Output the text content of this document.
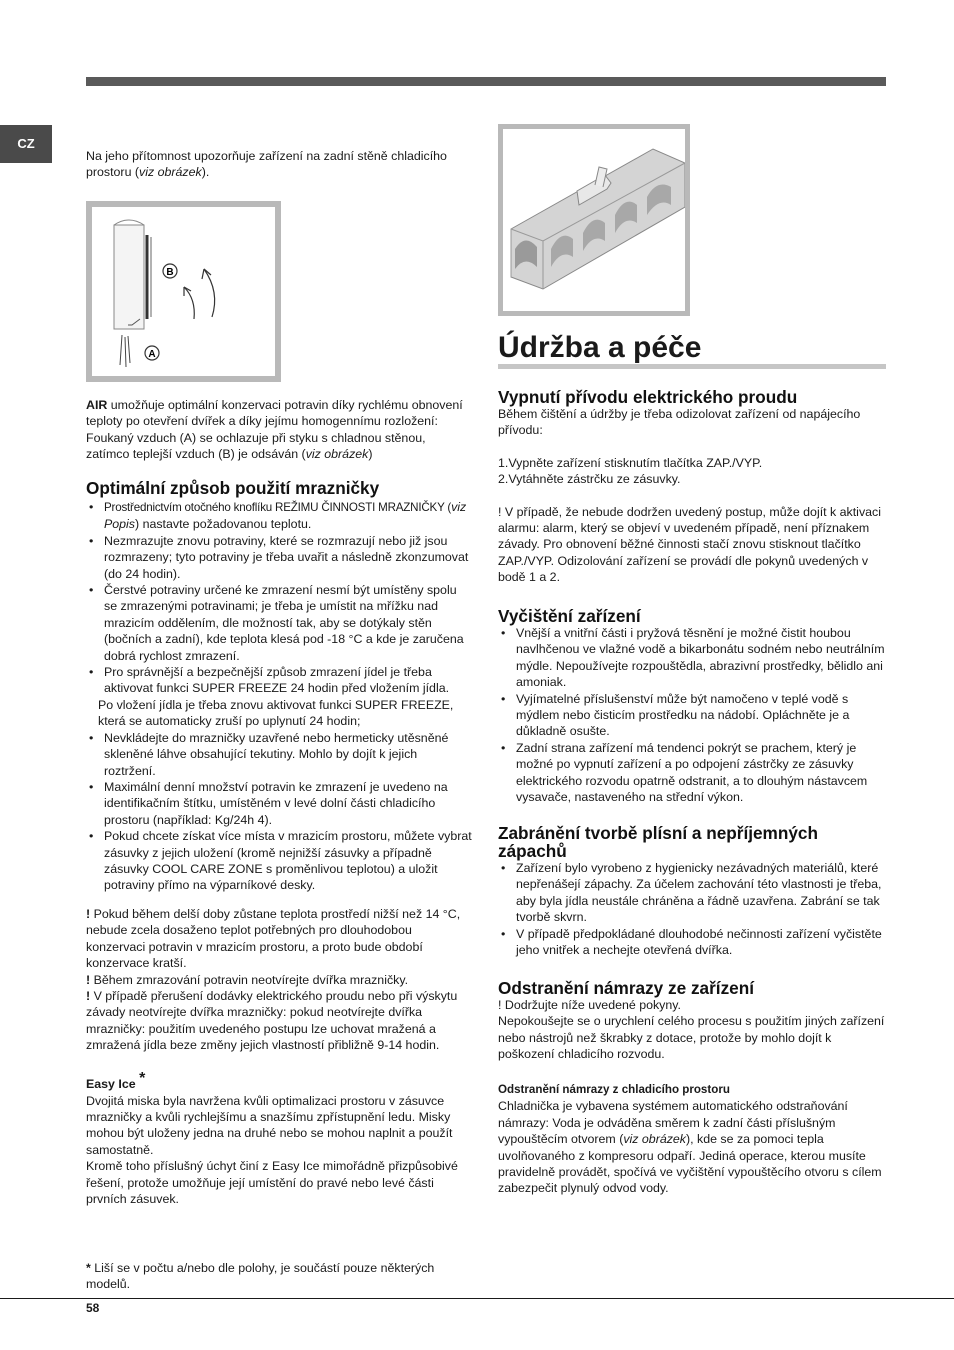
CZ

Na jeho přítomnost upozorňuje zařízení na zadní stěně chladicího prostoru (viz obrázek).

B
A

AIR umožňuje optimální konzervaci potravin díky rychlému obnovení teploty po otevření dvířek a díky jejímu homogennímu rozložení: Foukaný vzduch (A) se ochlazuje při styku s chladnou stěnou, zatímco teplejší vzduch (B) je odsáván (viz obrázek)

Optimální způsob použití mrazničky
• Prostřednictvím otočného knoflíku REŽIMU ČINNOSTI MRAZNIČKY (viz Popis) nastavte požadovanou teplotu.
• Nezmrazujte znovu potraviny, které se rozmrazují nebo již jsou rozmrazeny; tyto potraviny je třeba uvařit a následně zkonzumovat (do 24 hodin).
• Čerstvé potraviny určené ke zmrazení nesmí být umístěny spolu se zmrazenými potravinami; je třeba je umístit na mřížku nad mrazicím oddělením, dle možností tak, aby se dotýkaly stěn (bočních a zadní), kde teplota klesá pod -18 °C a kde je zaručena dobrá rychlost zmrazení.
• Pro správnější a bezpečnější způsob zmrazení jídel je třeba aktivovat funkci SUPER FREEZE 24 hodin před vložením jídla.

Po vložení jídla je třeba znovu aktivovat funkci SUPER FREEZE, která se automaticky zruší po uplynutí 24 hodin;

• Nevkládejte do mrazničky uzavřené nebo hermeticky utěsněné skleněné láhve obsahující tekutiny. Mohlo by dojít k jejich roztržení.
• Maximální denní množství potravin ke zmrazení je uvedeno na identifikačním štítku, umístěném v levé dolní části chladicího prostoru (například: Kg/24h 4).
• Pokud chcete získat více místa v mrazicím prostoru, můžete vybrat zásuvky z jejich uložení (kromě nejnižší zásuvky a případně zásuvky COOL CARE ZONE s proměnlivou teplotou) a uložit potraviny přímo na výparníkové desky.

! Pokud během delší doby zůstane teplota prostředí nižší než 14 °C, nebude zcela dosaženo teplot potřebných pro dlouhodobou konzervaci potravin v mrazicím prostoru, a proto bude období konzervace kratší.

! Během zmrazování potravin neotvírejte dvířka mrazničky.

! V případě přerušení dodávky elektrického proudu nebo při výskytu závady neotvírejte dvířka mrazničky: pokud neotvírejte dvířka mrazničky: použitím uvedeného postupu lze uchovat mražená a zmražená jídla beze změny jejich vlastností přibližně 9-14 hodin.

Easy Ice *

Dvojitá miska byla navržena kvůli optimalizaci prostoru v zásuvce mrazničky a kvůli rychlejšímu a snazšímu zpřístupnění ledu. Misky mohou být uloženy jedna na druhé nebo se mohou naplnit a použít samostatně.

Kromě toho příslušný úchyt činí z Easy Ice mimořádně přizpůsobivé řešení, protože umožňuje její umístění do pravé nebo levé části prvních zásuvek.

* Liší se v počtu a/nebo dle polohy, je součástí pouze některých modelů.

Údržba a péče
Vypnutí přívodu elektrického proudu

Během čištění a údržby je třeba odizolovat zařízení od napájecího přívodu:

1.Vypněte zařízení stisknutím tlačítka ZAP./VYP.

2.Vytáhněte zástrčku ze zásuvky.

! V případě, že nebude dodržen uvedený postup, může dojít k aktivaci alarmu: alarm, který se objeví v uvedeném případě, není příznakem závady. Pro obnovení běžné činnosti stačí znovu stisknout tlačítko ZAP./VYP. Odizolování zařízení se provádí dle pokynů uvedených v bodě 1 a 2.

Vyčištění zařízení
• Vnější a vnitřní části i pryžová těsnění je možné čistit houbou navlhčenou ve vlažné vodě a bikarbonátu sodném nebo neutrálním mýdle. Nepoužívejte rozpouštědla, abrazivní prostředky, bělidlo ani amoniak.
• Vyjímatelné příslušenství může být namočeno v teplé vodě s mýdlem nebo čisticím prostředku na nádobí. Opláchněte je a důkladně osušte.
• Zadní strana zařízení má tendenci pokrýt se prachem, který je možné po vypnutí zařízení a po odpojení zástrčky ze zásuvky elektrického rozvodu opatrně odstranit, a to dlouhým nástavcem vysavače, nastaveného na střední výkon.
Zabránění tvorbě plísní a nepříjemných zápachů
• Zařízení bylo vyrobeno z hygienicky nezávadných materiálů, které nepřenášejí zápachy. Za účelem zachování této vlastnosti je třeba, aby byla jídla neustále chráněna a řádně uzavřena. Zabrání se tak tvorbě skvrn.
• V případě předpokládané dlouhodobé nečinnosti zařízení vyčistěte jeho vnitřek a nechejte otevřená dvířka.
Odstranění námrazy ze zařízení

! Dodržujte níže uvedené pokyny.

Nepokoušejte se o urychlení celého procesu s použitím jiných zařízení nebo nástrojů než škrabky z dotace, protože by mohlo dojít k poškození chladicího rozvodu.

Odstranění námrazy z chladicího prostoru

Chladnička je vybavena systémem automatického odstraňování námrazy: Voda je odváděna směrem k zadní části příslušným vypouštěcím otvorem (viz obrázek), kde se za pomoci tepla uvolňovaného z kompresoru odpaří. Jediná operace, kterou musíte pravidelně provádět, spočívá ve vyčištění vypouštěcího otvoru s cílem zabezpečit plynulý odvod vody.

58
